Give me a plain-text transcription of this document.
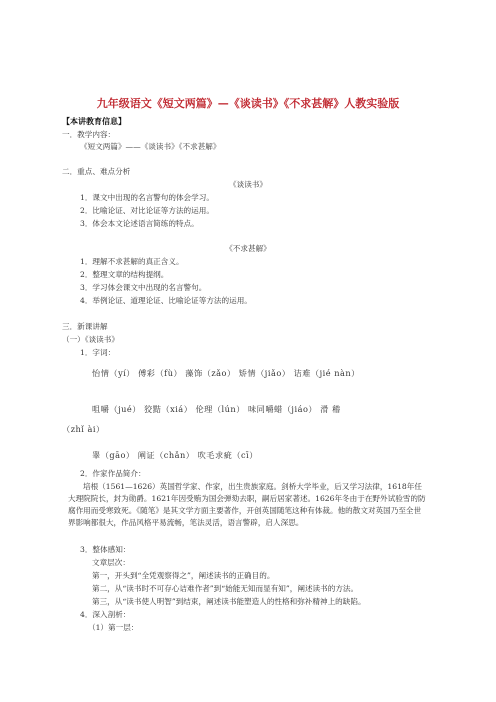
九年级语文《短文两篇》—《谈读书》《不求甚解》人教实验版
【本讲教育信息】
一．教学内容：
《短文两篇》——《谈读书》《不求甚解》
二．重点、难点分析
《谈读书》
1．课文中出现的名言警句的体会学习。
2．比喻论证、对比论证等方法的运用。
3．体会本文论述语言简练的特点。
《不求甚解》
1．理解不求甚解的真正含义。
2．整理文章的结构提纲。
3．学习体会课文中出现的名言警句。
4．举例论证、道理论证、比喻论证等方法的运用。
三．新课讲解
（一）《谈读书》
1．字词：
怡情（yí） 傅彩（fù） 藻饰（zǎo） 矫情（jiǎo） 诘难（jié nàn）
咀嚼（jué） 狡黠（xiá） 伦理（lún） 味同嚼蜡（jiáo） 滑 稽
（zhǐ ài）
睾（gāo） 阐证（chǎn） 吹毛求疵（cī）
2．作家作品简介：
培根（1561—1626）英国哲学家、作家，出生贵族家庭。剑桥大学毕业，后又学习法律，1618年任大理院院长，封为勋爵。1621年因受贿为国会弹劾去职，嗣后居家著述。1626年冬由于在野外试验雪的防腐作用而受寒致死。《随笔》是其文学方面主要著作，开创英国随笔这种有体裁。他的散文对英国乃至全世界影响都很大，作品风格平易流畅，笔法灵活，语言警辟，启人深思。
3．整体感知：
文章层次：
第一，开头到“全凭观察得之”，阐述读书的正确目的。
第二，从“读书时不可存心诘难作者”到“始能无知而显有知”，阐述读书的方法。
第三，从“读书使人明智”到结束，阐述读书能塑造人的性格和弥补精神上的缺陷。
4．深入剖析：
（1）第一层：
